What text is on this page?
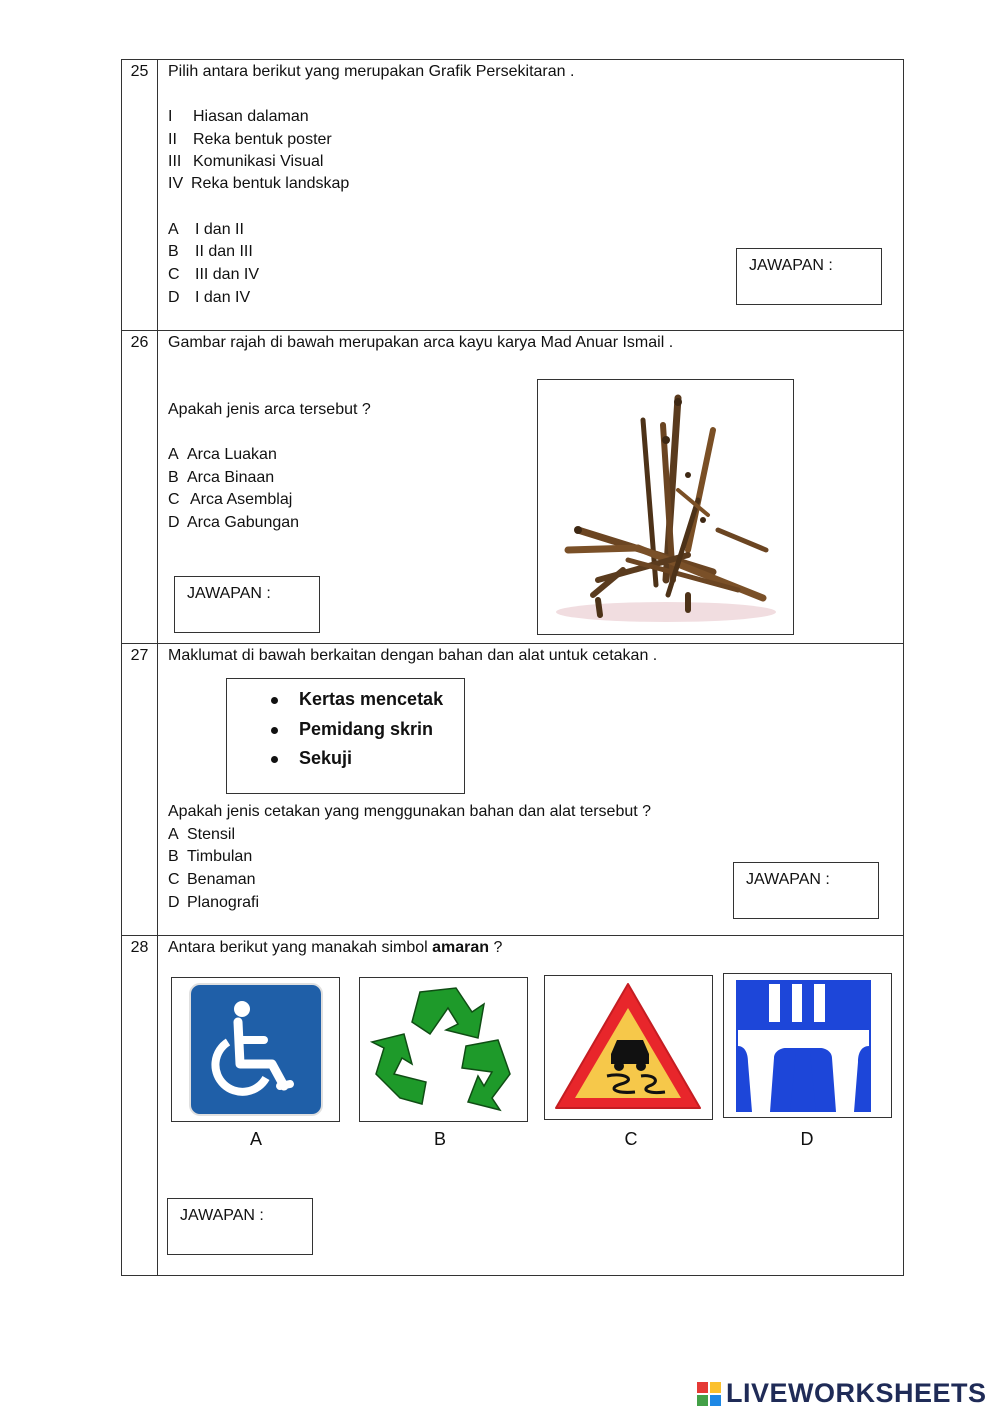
25	Pilih antara berikut yang merupakan Grafik Persekitaran .
I Hiasan dalaman
II Reka bentuk poster
III Komunikasi Visual
IV Reka bentuk landskap
A I dan II
B II dan III
C III dan IV
D I dan IV
JAWAPAN :
26	Gambar rajah di bawah merupakan arca kayu karya Mad Anuar Ismail .
Apakah jenis arca tersebut ?
A Arca Luakan
B Arca Binaan
C Arca Asemblaj
D Arca Gabungan
JAWAPAN :
27	Maklumat di bawah berkaitan dengan bahan dan alat untuk cetakan .
Kertas mencetak
Pemidang skrin
Sekuji
Apakah jenis cetakan yang menggunakan bahan dan alat tersebut ?
A Stensil
B Timbulan
C Benaman
D Planografi
JAWAPAN :
28	Antara berikut yang manakah simbol amaran ?
A	B	C	D
JAWAPAN :
LIVEWORKSHEETS
